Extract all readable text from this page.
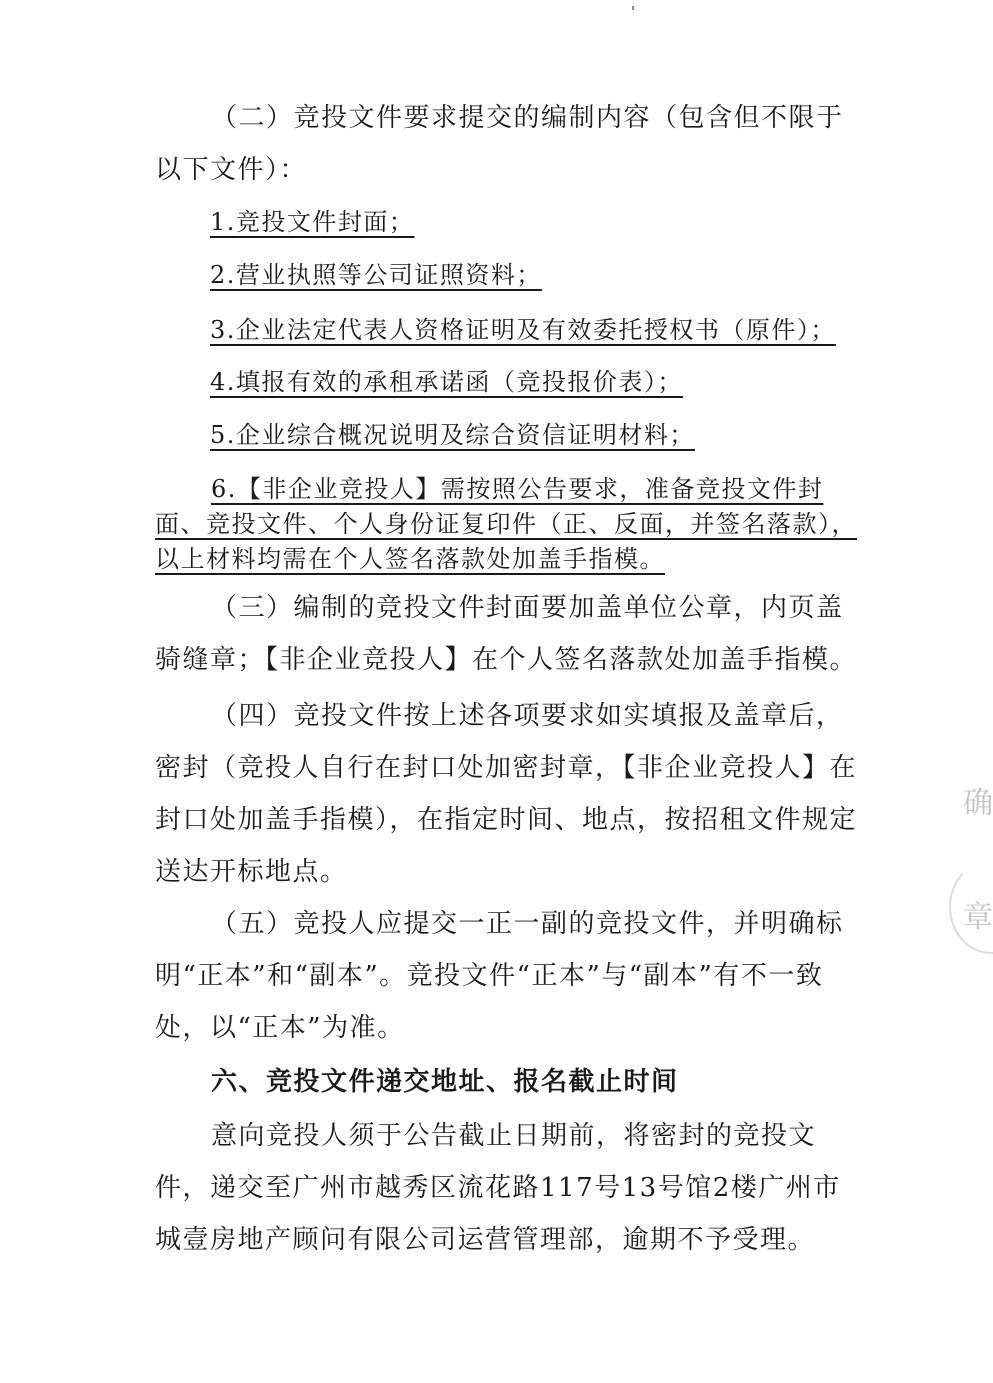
（二）竞投文件要求提交的编制内容（包含但不限于以下文件）：

1.竞投文件封面；

2.营业执照等公司证照资料；

3.企业法定代表人资格证明及有效委托授权书（原件）；

4.填报有效的承租承诺函（竞投报价表）；

5.企业综合概况说明及综合资信证明材料；

6.【非企业竞投人】需按照公告要求，准备竞投文件封面、竞投文件、个人身份证复印件（正、反面，并签名落款），以上材料均需在个人签名落款处加盖手指模。

（三）编制的竞投文件封面要加盖单位公章，内页盖骑缝章；【非企业竞投人】在个人签名落款处加盖手指模。

（四）竞投文件按上述各项要求如实填报及盖章后，密封（竞投人自行在封口处加密封章，【非企业竞投人】在封口处加盖手指模），在指定时间、地点，按招租文件规定送达开标地点。

（五）竞投人应提交一正一副的竞投文件，并明确标明“正本”和“副本”。竞投文件“正本”与“副本”有不一致处，以“正本”为准。

六、竞投文件递交地址、报名截止时间

意向竞投人须于公告截止日期前，将密封的竞投文件，递交至广州市越秀区流花路117号13号馆2楼广州市城壹房地产顾问有限公司运营管理部，逾期不予受理。

确
章
